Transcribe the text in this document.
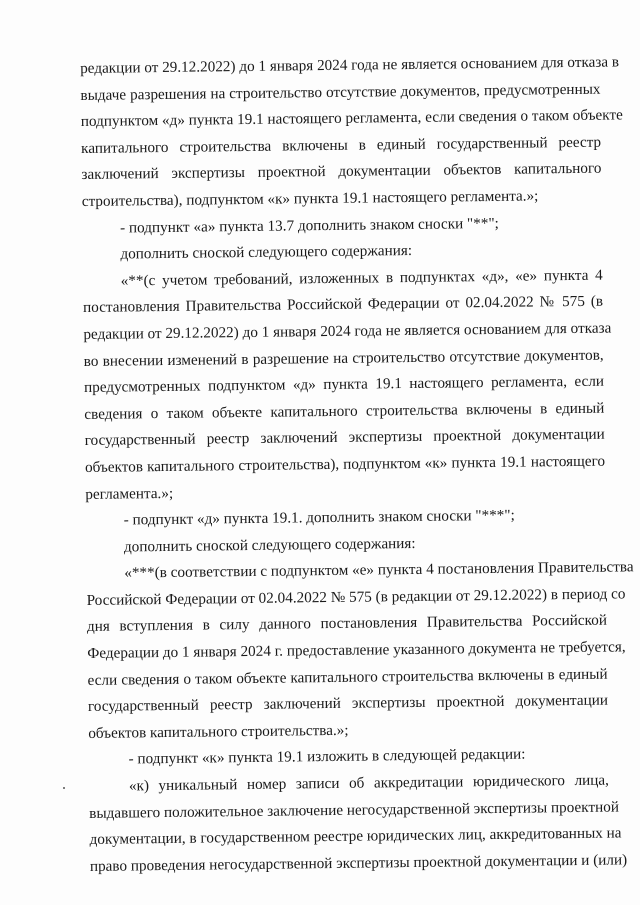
редакции от 29.12.2022) до 1 января 2024 года не является основанием для отказа в
выдаче разрешения на строительство отсутствие документов, предусмотренных
подпунктом «д» пункта 19.1 настоящего регламента, если сведения о таком объекте
капитального строительства включены в единый государственный реестр
заключений экспертизы проектной документации объектов капитального
строительства), подпунктом «к» пункта 19.1 настоящего регламента.»;
- подпункт «а» пункта 13.7 дополнить знаком сноски "**";
дополнить сноской следующего содержания:
«**(с учетом требований, изложенных в подпунктах «д», «е» пункта 4
постановления Правительства Российской Федерации от 02.04.2022 № 575 (в
редакции от 29.12.2022) до 1 января 2024 года не является основанием для отказа
во внесении изменений в разрешение на строительство отсутствие документов,
предусмотренных подпунктом «д» пункта 19.1 настоящего регламента, если
сведения о таком объекте капитального строительства включены в единый
государственный реестр заключений экспертизы проектной документации
объектов капитального строительства), подпунктом «к» пункта 19.1 настоящего
регламента.»;
- подпункт «д» пункта 19.1. дополнить знаком сноски "***";
дополнить сноской следующего содержания:
«***(в соответствии с подпунктом «е» пункта 4 постановления Правительства
Российской Федерации от 02.04.2022 № 575 (в редакции от 29.12.2022) в период со
дня вступления в силу данного постановления Правительства Российской
Федерации до 1 января 2024 г. предоставление указанного документа не требуется,
если сведения о таком объекте капитального строительства включены в единый
государственный реестр заключений экспертизы проектной документации
объектов капитального строительства.»;
- подпункт «к» пункта 19.1 изложить в следующей редакции:
«к) уникальный номер записи об аккредитации юридического лица,
выдавшего положительное заключение негосударственной экспертизы проектной
документации, в государственном реестре юридических лиц, аккредитованных на
право проведения негосударственной экспертизы проектной документации и (или)
